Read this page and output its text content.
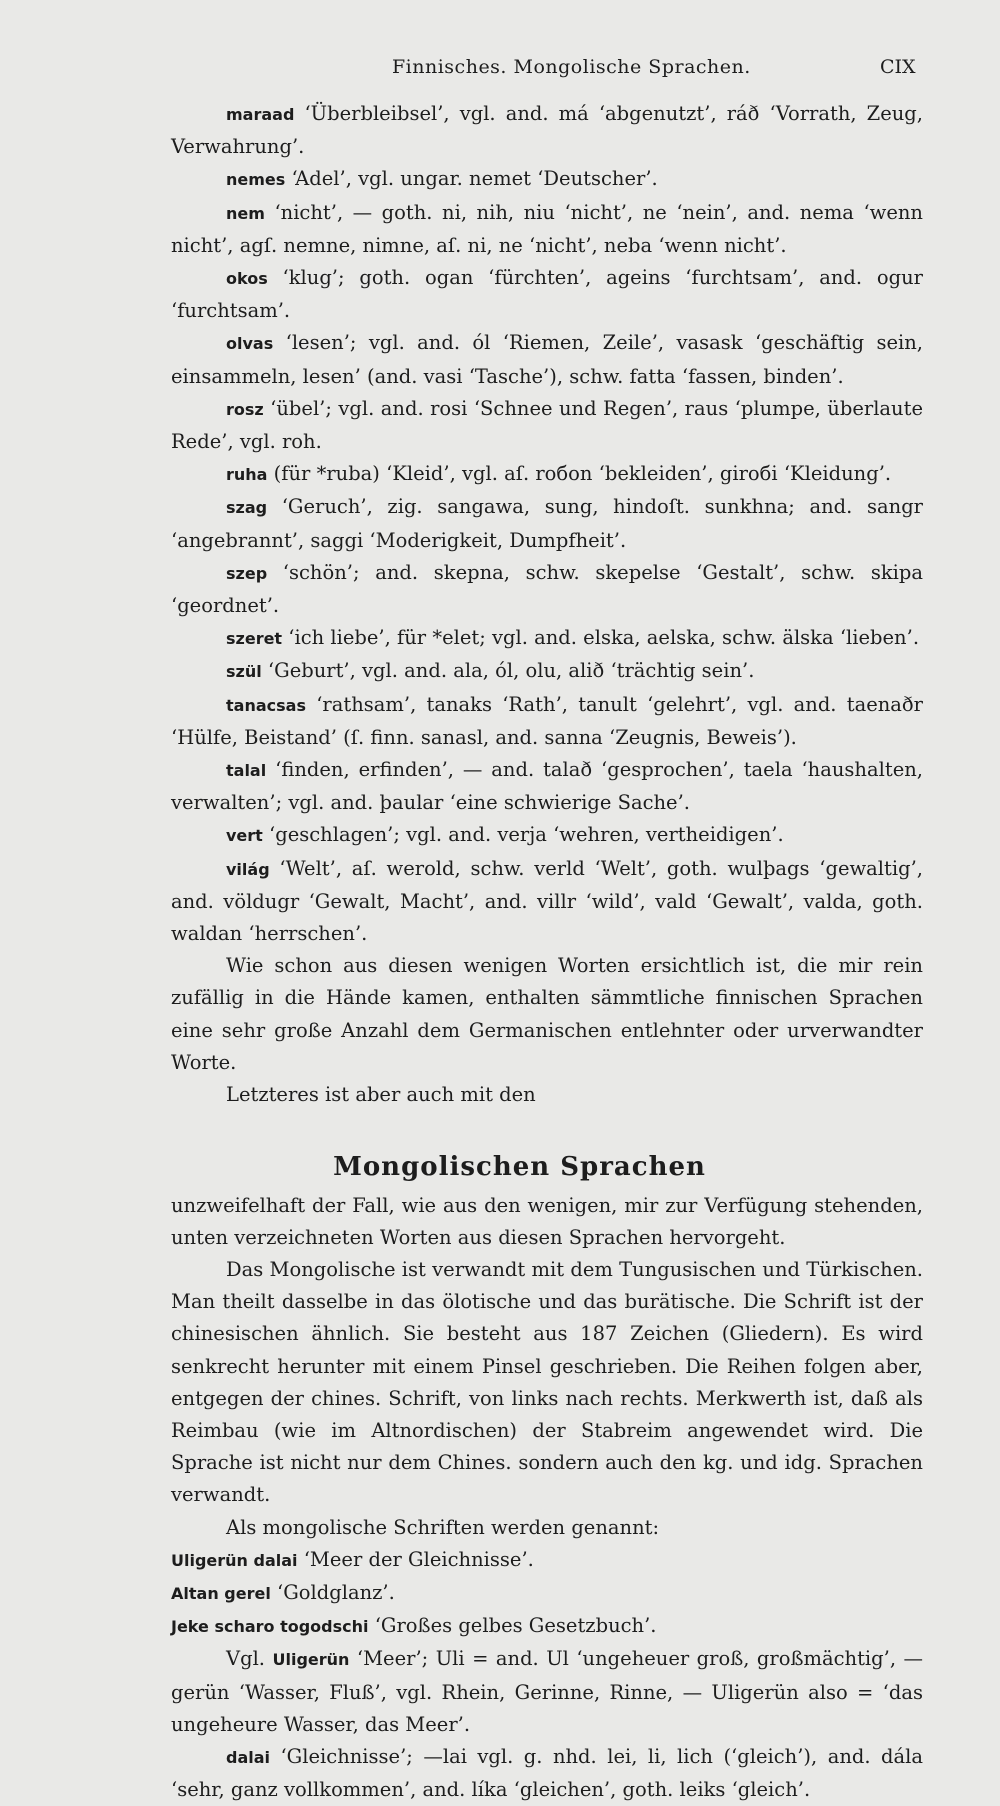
Finnisches. Mongolische Sprachen.	CIX

maraad ‘Überbleibsel’, vgl. and. má ‘abgenutzt’, ráð ‘Vorrath, Zeug, Verwahrung’.

nemes ‘Adel’, vgl. ungar. nemet ‘Deutscher’.

nem ‘nicht’, — goth. ni, nih, niu ‘nicht’, ne ‘nein’, and. nema ‘wenn nicht’, agſ. nemne, nimne, aſ. ni, ne ‘nicht’, neba ‘wenn nicht’.

okos ‘klug’; goth. ogan ‘fürchten’, ageins ‘furchtsam’, and. ogur ‘furchtsam’.

olvas ‘lesen’; vgl. and. ól ‘Riemen, Zeile’, vasask ‘geschäftig sein, einsammeln, lesen’ (and. vasi ‘Tasche’), schw. fatta ‘fassen, binden’.

rosz ‘übel’; vgl. and. rosi ‘Schnee und Regen’, raus ‘plumpe, überlaute Rede’, vgl. roh.

ruha (für *ruba) ‘Kleid’, vgl. aſ. roбon ‘bekleiden’, giroбi ‘Kleidung’.

szag ‘Geruch’, zig. sangawa, sung, hindoſt. sunkhna; and. sangr ‘angebrannt’, saggi ‘Moderigkeit, Dumpfheit’.

szep ‘schön’; and. skepna, schw. skepelse ‘Gestalt’, schw. skipa ‘geordnet’.

szeret ‘ich liebe’, für *elet; vgl. and. elska, aelska, schw. älska ‘lieben’.

szül ‘Geburt’, vgl. and. ala, ól, olu, alið ‘trächtig sein’.

tanacsas ‘rathsam’, tanaks ‘Rath’, tanult ‘gelehrt’, vgl. and. taenaðr ‘Hülfe, Beistand’ (ſ. finn. sanasl, and. sanna ‘Zeugnis, Beweis’).

talal ‘finden, erfinden’, — and. talað ‘gesprochen’, taela ‘haushalten, verwalten’; vgl. and. þaular ‘eine schwierige Sache’.

vert ‘geschlagen’; vgl. and. verja ‘wehren, vertheidigen’.

világ ‘Welt’, aſ. werold, schw. verld ‘Welt’, goth. wulþags ‘gewaltig’, and. völdugr ‘Gewalt, Macht’, and. villr ‘wild’, vald ‘Gewalt’, valda, goth. waldan ‘herrschen’.

Wie schon aus diesen wenigen Worten ersichtlich ist, die mir rein zufällig in die Hände kamen, enthalten sämmtliche finnischen Sprachen eine sehr große Anzahl dem Germanischen entlehnter oder urverwandter Worte.

Letzteres ist aber auch mit den

Mongolischen Sprachen

unzweifelhaft der Fall, wie aus den wenigen, mir zur Verfügung stehenden, unten verzeichneten Worten aus diesen Sprachen hervorgeht.

Das Mongolische ist verwandt mit dem Tungusischen und Türkischen. Man theilt dasselbe in das ölotische und das burätische. Die Schrift ist der chinesischen ähnlich. Sie besteht aus 187 Zeichen (Gliedern). Es wird senkrecht herunter mit einem Pinsel geschrieben. Die Reihen folgen aber, entgegen der chines. Schrift, von links nach rechts. Merkwerth ist, daß als Reimbau (wie im Altnordischen) der Stabreim angewendet wird. Die Sprache ist nicht nur dem Chines. sondern auch den kg. und idg. Sprachen verwandt.

Als mongolische Schriften werden genannt:

Uligerün dalai ‘Meer der Gleichnisse’.

Altan gerel ‘Goldglanz’.

Jeke scharo togodschi ‘Großes gelbes Gesetzbuch’.

Vgl. Uligerün ‘Meer’; Uli = and. Ul ‘ungeheuer groß, großmächtig’, — gerün ‘Wasser, Fluß’, vgl. Rhein, Gerinne, Rinne, — Uligerün also = ‘das ungeheure Wasser, das Meer’.

dalai ‘Gleichnisse’; —lai vgl. g. nhd. lei, li, lich (‘gleich’), and. dála ‘sehr, ganz vollkommen’, and. líka ‘gleichen’, goth. leiks ‘gleich’.
